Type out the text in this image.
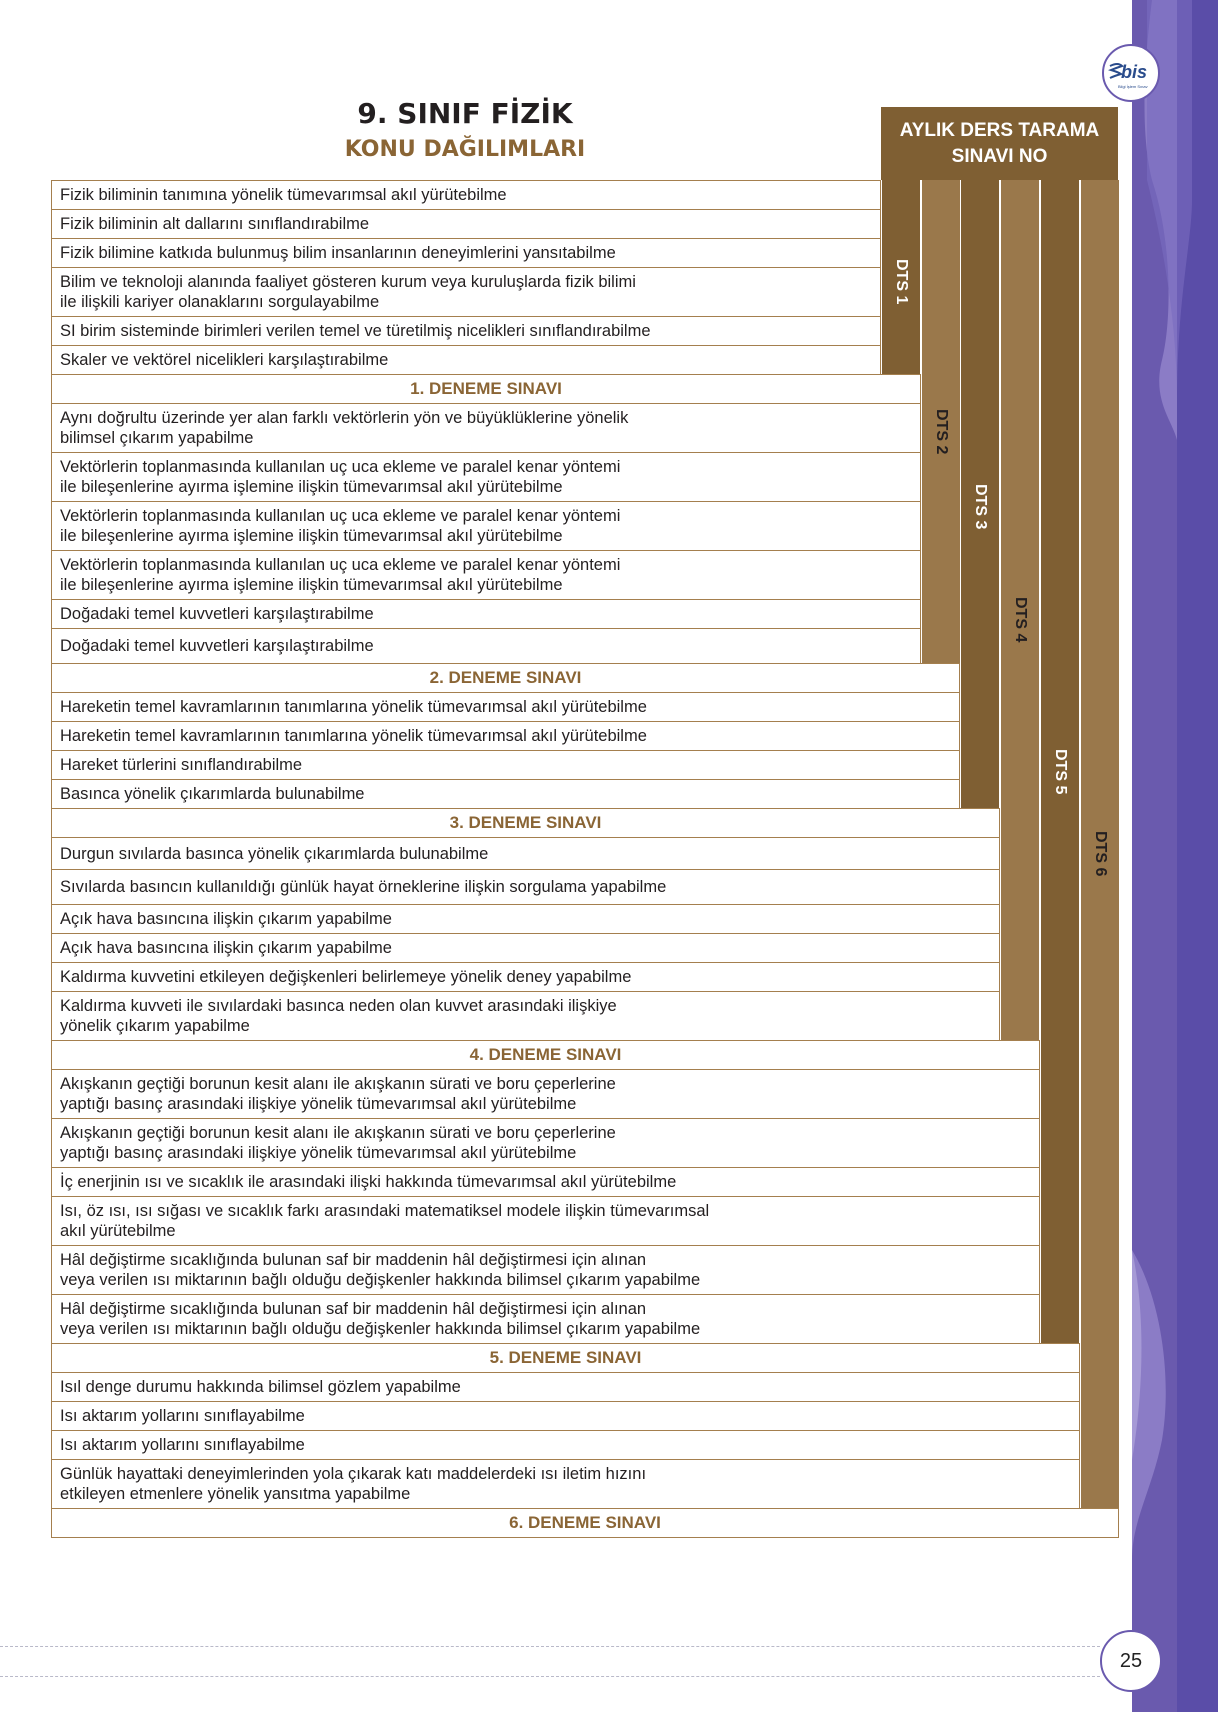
bis
Bilgi İşlem Sınav
9. SINIF FİZİK
KONU DAĞILIMLARI
AYLIK DERS TARAMA SINAVI NO
Fizik biliminin tanımına yönelik tümevarımsal akıl yürütebilme
Fizik biliminin alt dallarını sınıflandırabilme
Fizik bilimine katkıda bulunmuş bilim insanlarının deneyimlerini yansıtabilme
Bilim ve teknoloji alanında faaliyet gösteren kurum veya kuruluşlarda fizik bilimi
ile ilişkili kariyer olanaklarını sorgulayabilme
SI birim sisteminde birimleri verilen temel ve türetilmiş nicelikleri sınıflandırabilme
Skaler ve vektörel nicelikleri karşılaştırabilme
1. DENEME SINAVI
Aynı doğrultu üzerinde yer alan farklı vektörlerin yön ve büyüklüklerine yönelik
bilimsel çıkarım yapabilme
Vektörlerin toplanmasında kullanılan uç uca ekleme ve paralel kenar yöntemi
ile bileşenlerine ayırma işlemine ilişkin tümevarımsal akıl yürütebilme
Vektörlerin toplanmasında kullanılan uç uca ekleme ve paralel kenar yöntemi
ile bileşenlerine ayırma işlemine ilişkin tümevarımsal akıl yürütebilme
Vektörlerin toplanmasında kullanılan uç uca ekleme ve paralel kenar yöntemi
ile bileşenlerine ayırma işlemine ilişkin tümevarımsal akıl yürütebilme
Doğadaki temel kuvvetleri karşılaştırabilme
Doğadaki temel kuvvetleri karşılaştırabilme
2. DENEME SINAVI
Hareketin temel kavramlarının tanımlarına yönelik tümevarımsal akıl yürütebilme
Hareketin temel kavramlarının tanımlarına yönelik tümevarımsal akıl yürütebilme
Hareket türlerini sınıflandırabilme
Basınca yönelik çıkarımlarda bulunabilme
3. DENEME SINAVI
Durgun sıvılarda basınca yönelik çıkarımlarda bulunabilme
Sıvılarda basıncın kullanıldığı günlük hayat örneklerine ilişkin sorgulama yapabilme
Açık hava basıncına ilişkin çıkarım yapabilme
Açık hava basıncına ilişkin çıkarım yapabilme
Kaldırma kuvvetini etkileyen değişkenleri belirlemeye yönelik deney yapabilme
Kaldırma kuvveti ile sıvılardaki basınca neden olan kuvvet arasındaki ilişkiye
yönelik çıkarım yapabilme
4. DENEME SINAVI
Akışkanın geçtiği borunun kesit alanı ile akışkanın sürati ve boru çeperlerine
yaptığı basınç arasındaki ilişkiye yönelik tümevarımsal akıl yürütebilme
Akışkanın geçtiği borunun kesit alanı ile akışkanın sürati ve boru çeperlerine
yaptığı basınç arasındaki ilişkiye yönelik tümevarımsal akıl yürütebilme
İç enerjinin ısı ve sıcaklık ile arasındaki ilişki hakkında tümevarımsal akıl yürütebilme
Isı, öz ısı, ısı sığası ve sıcaklık farkı arasındaki matematiksel modele ilişkin tümevarımsal
akıl yürütebilme
Hâl değiştirme sıcaklığında bulunan saf bir maddenin hâl değiştirmesi için alınan
veya verilen ısı miktarının bağlı olduğu değişkenler hakkında bilimsel çıkarım yapabilme
Hâl değiştirme sıcaklığında bulunan saf bir maddenin hâl değiştirmesi için alınan
veya verilen ısı miktarının bağlı olduğu değişkenler hakkında bilimsel çıkarım yapabilme
5. DENEME SINAVI
Isıl denge durumu hakkında bilimsel gözlem yapabilme
Isı aktarım yollarını sınıflayabilme
Isı aktarım yollarını sınıflayabilme
Günlük hayattaki deneyimlerinden yola çıkarak katı maddelerdeki ısı iletim hızını
etkileyen etmenlere yönelik yansıtma yapabilme
6. DENEME SINAVI
DTS 1
DTS 2
DTS 3
DTS 4
DTS 5
DTS 6
25
